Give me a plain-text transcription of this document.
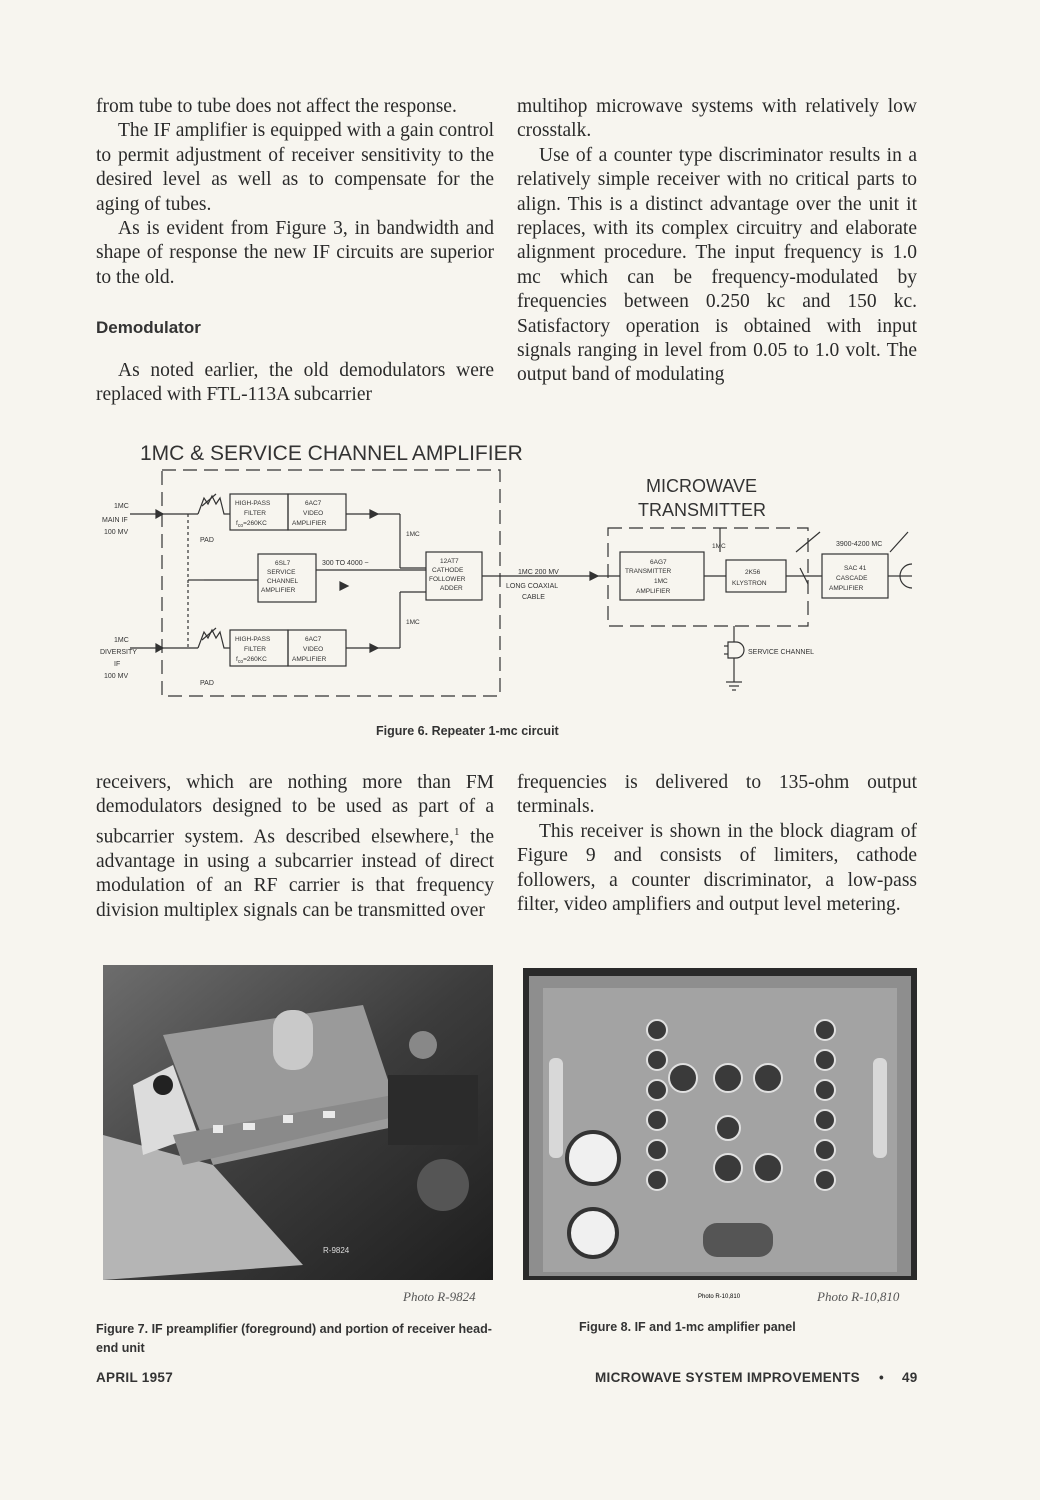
from tube to tube does not affect the response.

The IF amplifier is equipped with a gain control to permit adjustment of receiver sensitivity to the desired level as well as to compensate for the aging of tubes.

As is evident from Figure 3, in bandwidth and shape of response the new IF circuits are superior to the old.

Demodulator

As noted earlier, the old demodulators were replaced with FTL-113A subcarrier

multihop microwave systems with relatively low crosstalk.

Use of a counter type discriminator results in a relatively simple receiver with no critical parts to align. This is a distinct advantage over the unit it replaces, with its complex circuitry and elaborate alignment procedure. The input frequency is 1.0 mc which can be frequency-modulated by frequencies between 0.250 kc and 150 kc. Satisfactory operation is obtained with input signals ranging in level from 0.05 to 1.0 volt. The output band of modulating

1MC & SERVICE CHANNEL AMPLIFIER
MICROWAVE
TRANSMITTER
1MC
MAIN IF
100 MV
1MC
DIVERSITY
IF
100 MV
PAD
PAD
HIGH-PASS
FILTER
$f_{co}=260KC$
6AC7
VIDEO
AMPLIFIER
HIGH-PASS
FILTER
$f_{co}=260KC$
6AC7
VIDEO
AMPLIFIER
6SL7
SERVICE
CHANNEL
AMPLIFIER
300 TO 4000 ~	12AT7
CATHODE
FOLLOWER
ADDER
1MC
1MC
1MC 200 MV
LONG COAXIAL
CABLE
6AG7
TRANSMITTER
1MC
AMPLIFIER
1MC
2K56
KLYSTRON
3900-4200 MC
SAC 41
CASCADE
AMPLIFIER
SERVICE CHANNEL
Figure 6. Repeater 1-mc circuit

receivers, which are nothing more than FM demodulators designed to be used as part of a subcarrier system. As described elsewhere,$^1$ the advantage in using a subcarrier instead of direct modulation of an RF carrier is that frequency division multiplex signals can be transmitted over

frequencies is delivered to 135-ohm output terminals.

This receiver is shown in the block diagram of Figure 9 and consists of limiters, cathode followers, a counter discriminator, a low-pass filter, video amplifiers and output level metering.

R-9824
Photo R-9824
Figure 7. IF preamplifier (foreground) and portion of receiver head-end unit
Photo R-10,810	Photo R-10,810
Figure 8. IF and 1-mc amplifier panel
APRIL 1957	MICROWAVE SYSTEM IMPROVEMENTS • 49
